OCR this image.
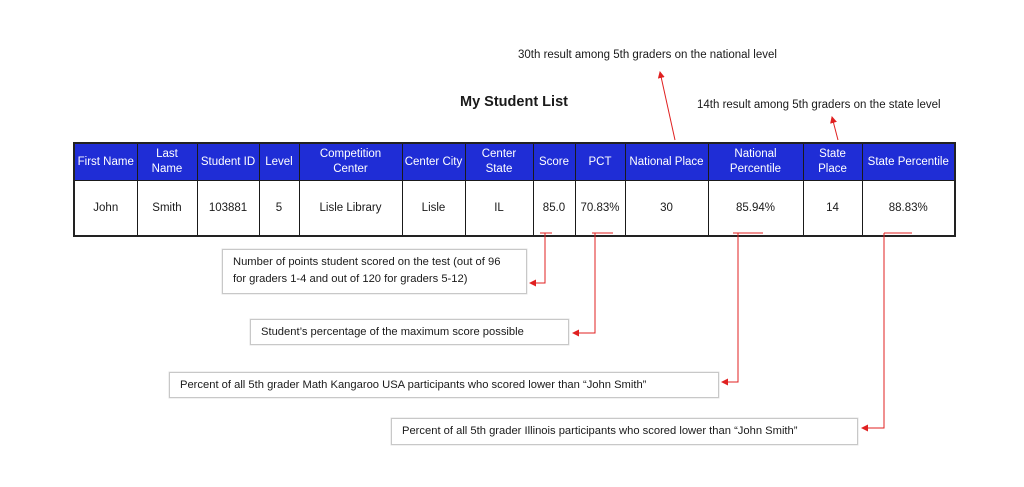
My Student List
30th result among 5th graders on the national level
14th result among 5th graders on the state level
First Name	Last Name	Student ID	Level	Competition Center	Center City	Center State	Score	PCT	National Place	National Percentile	State Place	State Percentile
John	Smith	103881	5	Lisle Library	Lisle	IL	85.0	70.83%	30	85.94%	14	88.83%
Number of points student scored on the test (out of 96 for graders 1-4 and out of 120 for graders 5-12)
Student’s percentage of the maximum score possible
Percent of all 5th grader Math Kangaroo USA participants who scored lower than “John Smith”
Percent of all 5th grader Illinois participants who scored lower than “John Smith”
